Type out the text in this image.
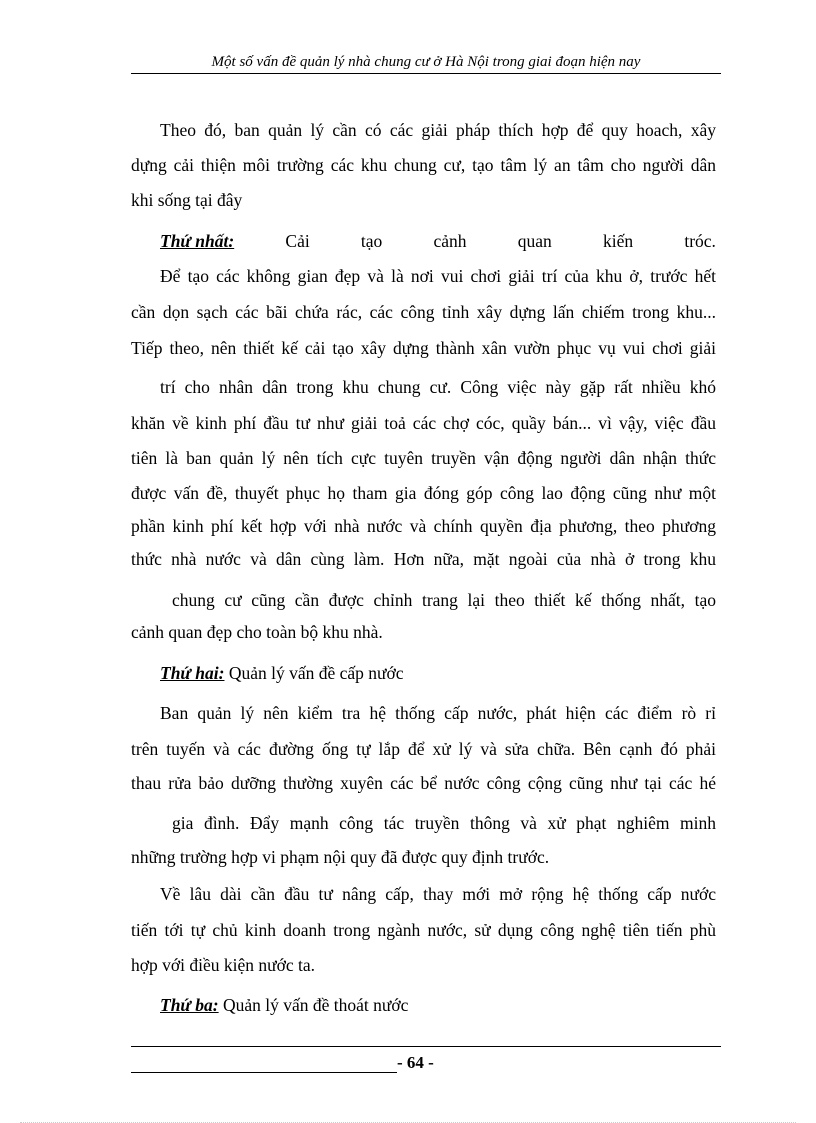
Một số vấn đề quản lý nhà chung cư ở Hà Nội trong giai đoạn hiện nay
Theo đó, ban quản lý cần có các giải pháp thích hợp để quy hoach, xây
dựng cải thiện môi trường các khu chung cư, tạo tâm lý an tâm cho người dân
khi sống tại đây
Thứ nhất:	Cải	tạo	cảnh	quan	kiến	tróc.
Để tạo các không gian đẹp và là nơi vui chơi giải trí của khu ở, trước hết
cần dọn sạch các bãi chứa rác, các công tỉnh xây dựng lấn chiếm trong khu...
Tiếp theo, nên thiết kế cải tạo xây dựng thành xân vườn phục vụ vui chơi giải
trí cho nhân dân trong khu chung cư. Công việc này gặp rất nhiều khó
khăn về kinh phí đầu tư như giải toả các chợ cóc, quầy bán... vì vậy, việc đầu
tiên là ban quản lý nên tích cực tuyên truyền vận động người dân nhận thức
được vấn đề, thuyết phục họ tham gia đóng góp công lao động cũng như một
phần kinh phí kết hợp với nhà nước và chính quyền địa phương, theo phương
thức nhà nước và dân cùng làm. Hơn nữa, mặt ngoài của nhà ở trong khu
chung cư cũng cần được chỉnh trang lại theo thiết kế thống nhất, tạo
cảnh quan đẹp cho toàn bộ khu nhà.
Thứ hai: Quản lý vấn đề cấp nước
Ban quản lý nên kiểm tra hệ thống cấp nước, phát hiện các điểm rò rỉ
trên tuyến và các đường ống tự lắp để xử lý và sửa chữa. Bên cạnh đó phải
thau rửa bảo dưỡng thường xuyên các bể nước công cộng cũng như tại các hé
gia đình. Đẩy mạnh công tác truyền thông và xử phạt nghiêm minh
những trường hợp vi phạm nội quy đã được quy định trước.
Về lâu dài cần đầu tư nâng cấp, thay mới mở rộng hệ thống cấp nước
tiến tới tự chủ kinh doanh trong ngành nước, sử dụng công nghệ tiên tiến phù
hợp với điều kiện nước ta.
Thứ ba: Quản lý vấn đề thoát nước
- 64 -
